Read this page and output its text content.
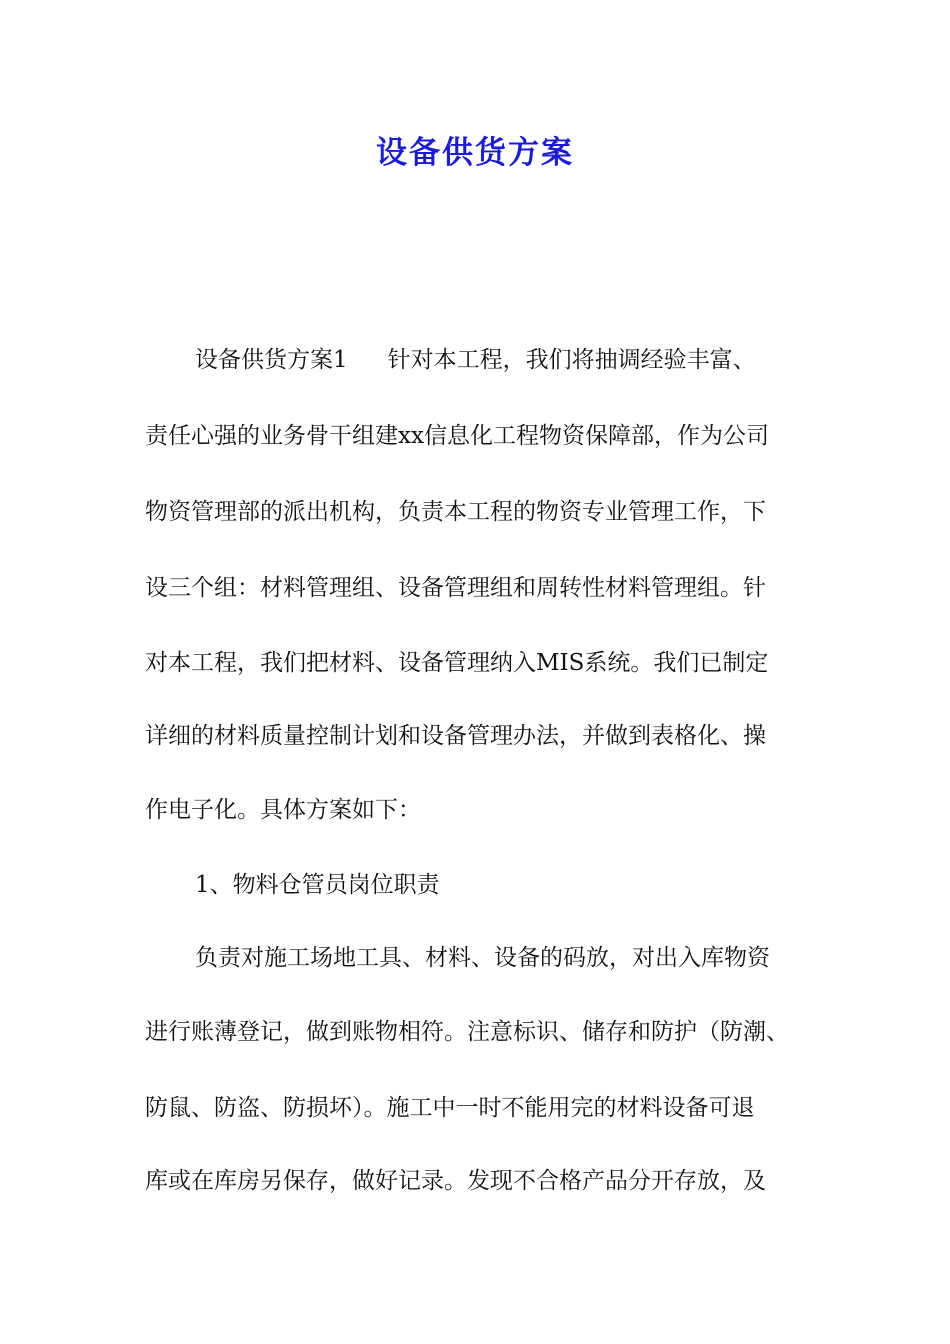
设备供货方案
设备供货方案1 针对本工程，我们将抽调经验丰富、
责任心强的业务骨干组建xx信息化工程物资保障部，作为公司
物资管理部的派出机构，负责本工程的物资专业管理工作，下
设三个组：材料管理组、设备管理组和周转性材料管理组。针
对本工程，我们把材料、设备管理纳入MIS系统。我们已制定
详细的材料质量控制计划和设备管理办法，并做到表格化、操
作电子化。具体方案如下：
1、物料仓管员岗位职责
负责对施工场地工具、材料、设备的码放，对出入库物资
进行账薄登记，做到账物相符。注意标识、储存和防护（防潮、
防鼠、防盗、防损坏）。施工中一时不能用完的材料设备可退
库或在库房另保存，做好记录。发现不合格产品分开存放，及
